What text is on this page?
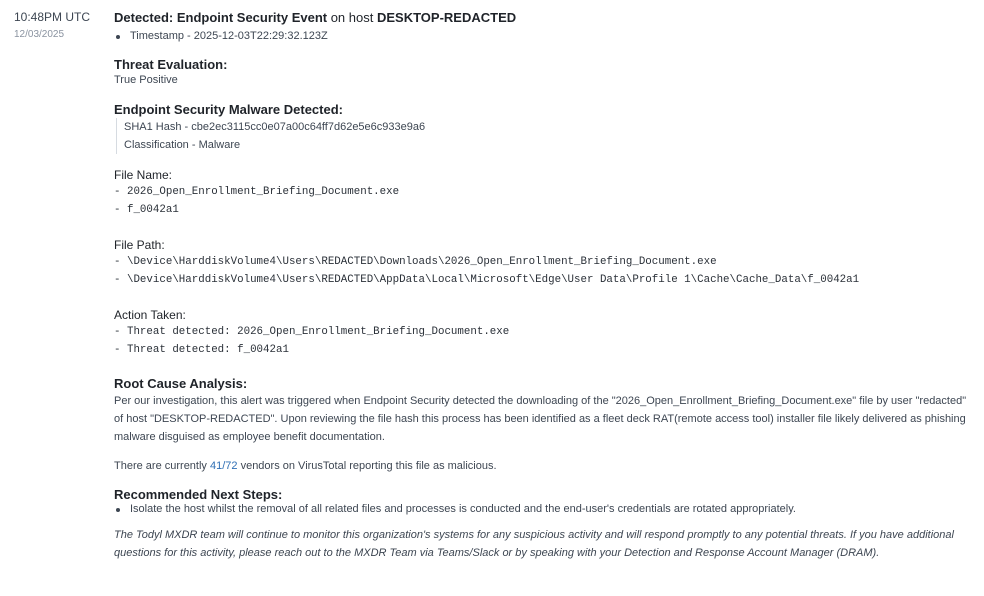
10:48PM UTC
12/03/2025
Detected: Endpoint Security Event on host DESKTOP-REDACTED
Timestamp - 2025-12-03T22:29:32.123Z
Threat Evaluation:
True Positive
Endpoint Security Malware Detected:
SHA1 Hash - cbe2ec3115cc0e07a00c64ff7d62e5e6c933e9a6
Classification - Malware
File Name:
- 2026_Open_Enrollment_Briefing_Document.exe
- f_0042a1
File Path:
- \Device\HarddiskVolume4\Users\REDACTED\Downloads\2026_Open_Enrollment_Briefing_Document.exe
- \Device\HarddiskVolume4\Users\REDACTED\AppData\Local\Microsoft\Edge\User Data\Profile 1\Cache\Cache_Data\f_0042a1
Action Taken:
- Threat detected: 2026_Open_Enrollment_Briefing_Document.exe
- Threat detected: f_0042a1
Root Cause Analysis:
Per our investigation, this alert was triggered when Endpoint Security detected the downloading of the "2026_Open_Enrollment_Briefing_Document.exe" file by user "redacted" of host "DESKTOP-REDACTED". Upon reviewing the file hash this process has been identified as a fleet deck RAT(remote access tool) installer file likely delivered as phishing malware disguised as employee benefit documentation.
There are currently 41/72 vendors on VirusTotal reporting this file as malicious.
Recommended Next Steps:
Isolate the host whilst the removal of all related files and processes is conducted and the end-user's credentials are rotated appropriately.
The Todyl MXDR team will continue to monitor this organization's systems for any suspicious activity and will respond promptly to any potential threats. If you have additional questions for this activity, please reach out to the MXDR Team via Teams/Slack or by speaking with your Detection and Response Account Manager (DRAM).
